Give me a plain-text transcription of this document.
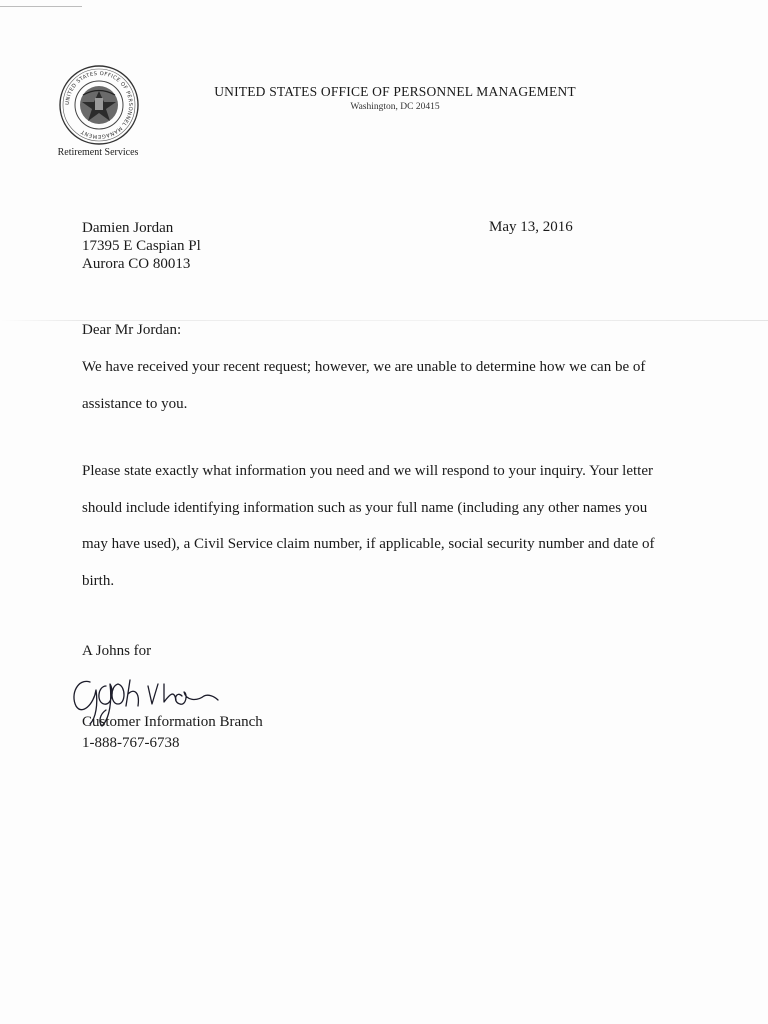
UNITED STATES OFFICE OF PERSONNEL MANAGEMENT
Retirement Services
UNITED STATES OFFICE OF PERSONNEL MANAGEMENT
Washington, DC 20415
Damien Jordan
17395 E Caspian Pl
Aurora CO 80013
May 13, 2016
Dear Mr Jordan:
We have received your recent request; however, we are unable to determine how we can be of
assistance to you.
Please state exactly what information you need and we will respond to your inquiry. Your letter
should include identifying information such as your full name (including any other names you
may have used), a Civil Service claim number, if applicable, social security number and date of
birth.
A Johns for
Customer Information Branch
1-888-767-6738
